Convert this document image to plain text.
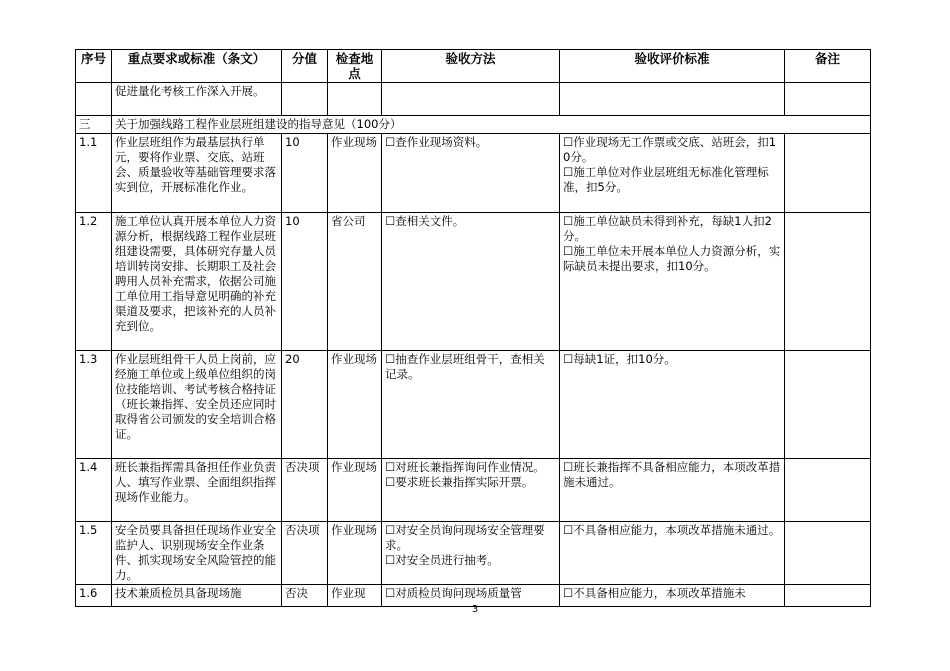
序号	重点要求或标准（条文）	分值	检查地点	验收方法	验收评价标准	备注
	促进量化考核工作深入开展。					
三	关于加强线路工程作业层班组建设的指导意见（100分）					
1.1	作业层班组作为最基层执行单元，要将作业票、交底、站班会、质量验收等基础管理要求落实到位，开展标准化作业。	10	作业现场	☐查作业现场资料。	☐作业现场无工作票或交底、站班会，扣10分。
☐施工单位对作业层班组无标准化管理标准，扣5分。	
1.2	施工单位认真开展本单位人力资源分析，根据线路工程作业层班组建设需要，具体研究存量人员培训转岗安排、长期职工及社会聘用人员补充需求，依据公司施工单位用工指导意见明确的补充渠道及要求，把该补充的人员补充到位。	10	省公司	☐查相关文件。	☐施工单位缺员未得到补充，每缺1人扣2分。
☐施工单位未开展本单位人力资源分析，实际缺员未提出要求，扣10分。	
1.3	作业层班组骨干人员上岗前，应经施工单位或上级单位组织的岗位技能培训、考试考核合格持证（班长兼指挥、安全员还应同时取得省公司颁发的安全培训合格证。	20	作业现场	☐抽查作业层班组骨干，查相关记录。	☐每缺1证，扣10分。	
1.4	班长兼指挥需具备担任作业负责人、填写作业票、全面组织指挥现场作业能力。	否决项	作业现场	☐对班长兼指挥询问作业情况。
☐要求班长兼指挥实际开票。	☐班长兼指挥不具备相应能力，本项改革措施未通过。	
1.5	安全员要具备担任现场作业安全监护人、识别现场安全作业条件、抓实现场安全风险管控的能力。	否决项	作业现场	☐对安全员询问现场安全管理要求。
☐对安全员进行抽考。	☐不具备相应能力，本项改革措施未通过。	
1.6	技术兼质检员具备现场施	否决	作业现	☐对质检员询问现场质量管	☐不具备相应能力，本项改革措施未	
3
